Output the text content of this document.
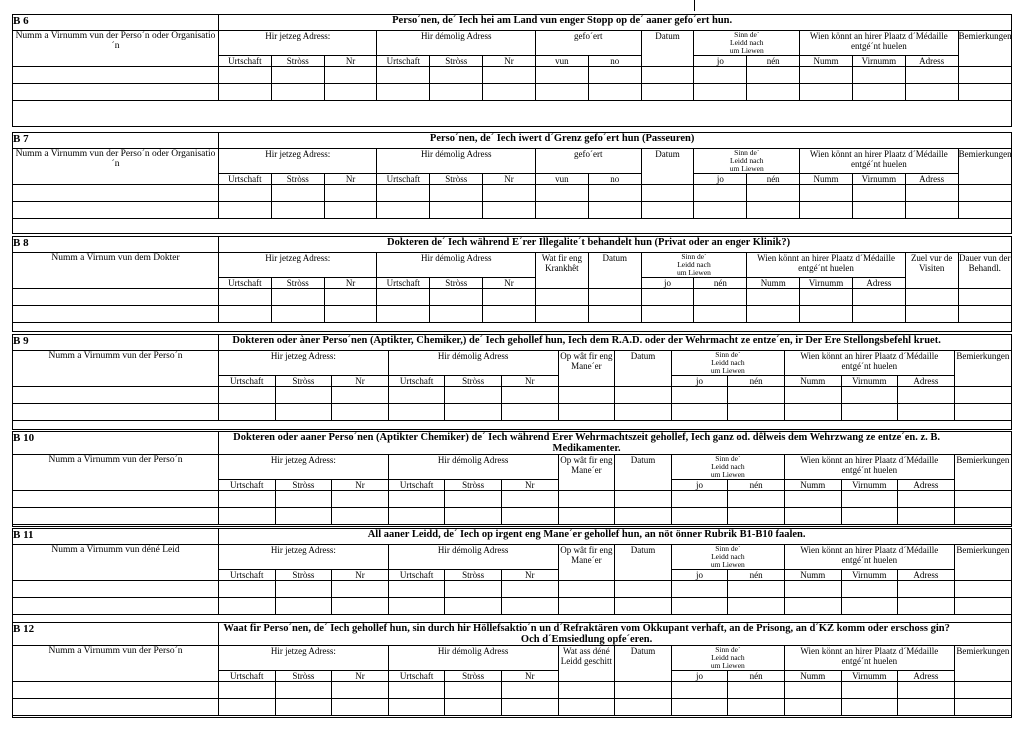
B 6	Perso´nen, de´ Iech hei am Land vun enger Stopp op de´ aaner gefo´ert hun.														
Numm a Virnumm vun der Perso´n oder Organisatio´n	Hir jetzeg Adress:			Hir démolig Adress			gefo´ert		Datum	Sinn de´
Leidd nach
um Liewen		Wien könnt an hirer Plaatz d´Médaille
entgé´nt huelen			Bemierkungen
	Urtschaft	Stròss	Nr	Urtschaft	Stròss	Nr	vun	no		jo	nén	Numm	Virnumm	Adress	

B 7	Perso´nen, de´ Iech iwert d´Grenz gefo´ert hun (Passeuren)														
Numm a Virnumm vun der Perso´n oder Organisatio´n	Hir jetzeg Adress:			Hir démolig Adress			gefo´ert		Datum	Sinn de´
Leidd nach
um Liewen		Wien könnt an hirer Plaatz d´Médaille
entgé´nt huelen			Bemierkungen
	Urtschaft	Stròss	Nr	Urtschaft	Stròss	Nr	vun	no		jo	nén	Numm	Virnumm	Adress	

B 8	Dokteren de´ Iech während E´rer Illegalite´t behandelt hun (Privat oder an enger Klinik?)														
Numm a Virnum vun dem Dokter	Hir jetzeg Adress:			Hir démolig Adress			Wat fir eng Krankhêt	Datum	Sinn de´
Leidd nach
um Liewen		Wien könnt an hirer Plaatz d´Médaille
entgé´nt huelen			Zuel vur de Visiten	Dauer vun der Behandl.
	Urtschaft	Stròss	Nr	Urtschaft	Stròss	Nr			jo	nén	Numm	Virnumm	Adress		

B 9	Dokteren oder àner Perso´nen (Aptikter, Chemiker,) de´ Iech gehollef hun, Iech dem R.A.D. oder der Wehrmacht ze entze´en, ir Der Ere Stellongsbefehl kruet.													
Numm a Virnumm vun der Perso´n	Hir jetzeg Adress:			Hir démolig Adress			Op wât fir eng Mane´er	Datum	Sinn de´
Leidd nach
um Liewen		Wien könnt an hirer Plaatz d´Médaille
entgé´nt huelen			Bemierkungen
	Urtschaft	Stròss	Nr	Urtschaft	Stròss	Nr			jo	nén	Numm	Virnumm	Adress	

B 10	Dokteren oder aaner Perso´nen (Aptikter Chemiker) de´ Iech während Erer Wehrmachtszeit gehollef, Iech ganz od. dêlweis dem Wehrzwang ze entze´en. z. B. Medikamenter.													
Numm a Virnumm vun der Perso´n	Hir jetzeg Adress:			Hir démolig Adress			Op wât fir eng Mane´er	Datum	Sinn de´
Leidd nach
um Liewen		Wien könnt an hirer Plaatz d´Médaille
entgé´nt huelen			Bemierkungen
	Urtschaft	Stròss	Nr	Urtschaft	Stròss	Nr			jo	nén	Numm	Virnumm	Adress	

B 11	All aaner Leidd, de´ Iech op irgent eng Mane´er gehollef hun, an nöt önner Rubrik B1-B10 faalen.													
Numm a Virnumm vun déné Leid	Hir jetzeg Adress:			Hir démolig Adress			Op wât fir eng Mane´er	Datum	Sinn de´
Leidd nach
um Liewen		Wien könnt an hirer Plaatz d´Médaille
entgé´nt huelen			Bemierkungen
	Urtschaft	Stròss	Nr	Urtschaft	Stròss	Nr			jo	nén	Numm	Virnumm	Adress	

B 12	Waat fir Perso´nen, de´ Iech gehollef hun, sin durch hir Höllefsaktio´n un d´Refraktären vom Okkupant verhaft, an de Prisong, an d´KZ komm oder erschoss gin? Och d´Emsiedlung opfe´eren.													
Numm a Virnumm vun der Perso´n	Hir jetzeg Adress:			Hir démolig Adress			Wat ass déné Leidd geschitt	Datum	Sinn de´
Leidd nach
um Liewen		Wien könnt an hirer Plaatz d´Médaille
entgé´nt huelen			Bemierkungen
	Urtschaft	Stròss	Nr	Urtschaft	Stròss	Nr			jo	nén	Numm	Virnumm	Adress	
